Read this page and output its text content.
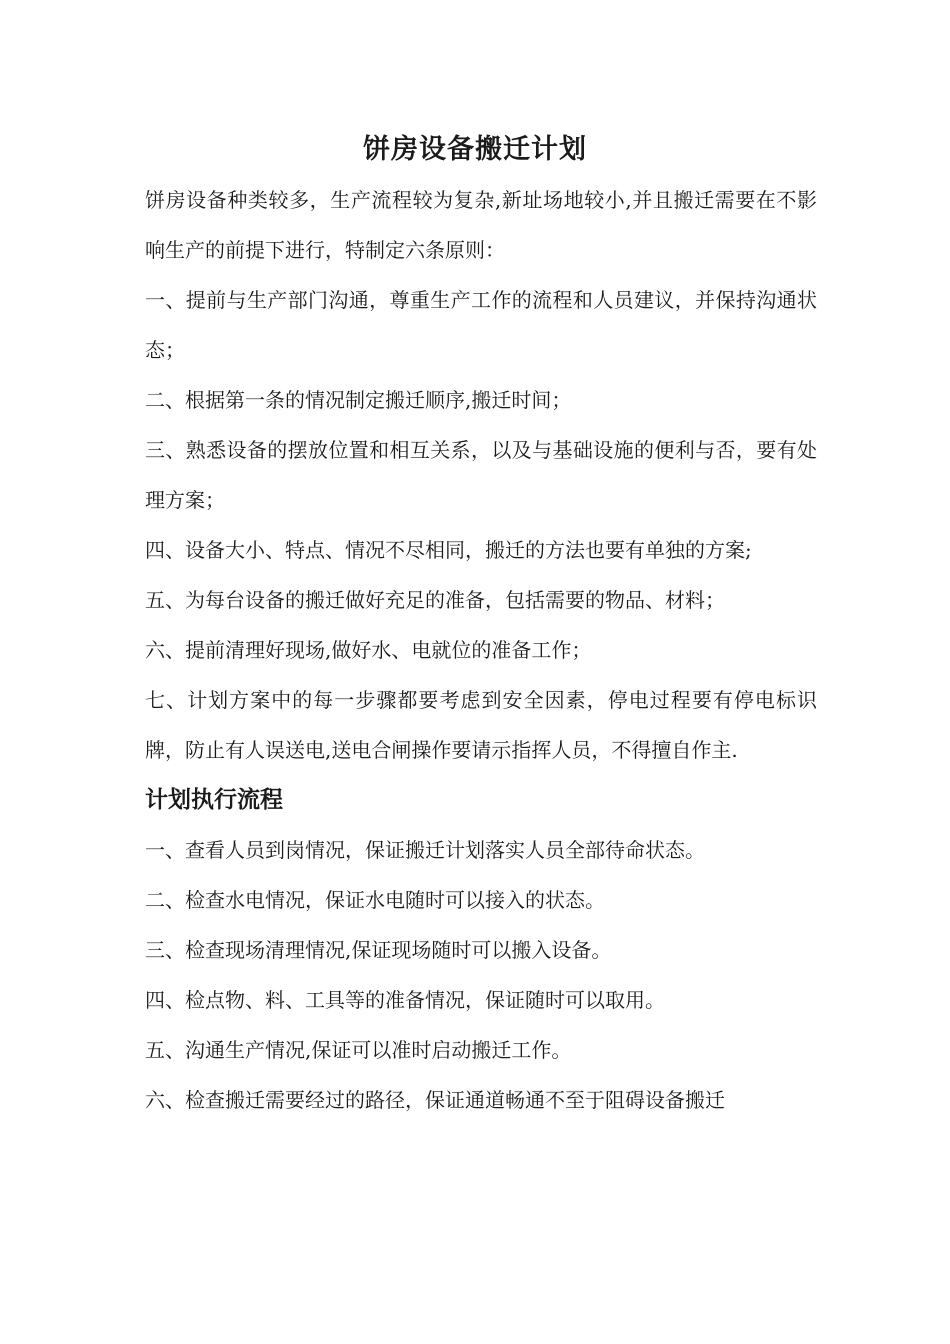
饼房设备搬迁计划

饼房设备种类较多，生产流程较为复杂,新址场地较小,并且搬迁需要在不影响生产的前提下进行，特制定六条原则：

一、提前与生产部门沟通，尊重生产工作的流程和人员建议，并保持沟通状态；

二、根据第一条的情况制定搬迁顺序,搬迁时间；

三、熟悉设备的摆放位置和相互关系，以及与基础设施的便利与否，要有处理方案；

四、设备大小、特点、情况不尽相同，搬迁的方法也要有单独的方案;

五、为每台设备的搬迁做好充足的准备，包括需要的物品、材料；

六、提前清理好现场,做好水、电就位的准备工作；

七、计划方案中的每一步骤都要考虑到安全因素，停电过程要有停电标识牌，防止有人误送电,送电合闸操作要请示指挥人员，不得擅自作主.

计划执行流程

一、查看人员到岗情况，保证搬迁计划落实人员全部待命状态。

二、检查水电情况，保证水电随时可以接入的状态。

三、检查现场清理情况,保证现场随时可以搬入设备。

四、检点物、料、工具等的准备情况，保证随时可以取用。

五、沟通生产情况,保证可以准时启动搬迁工作。

六、检查搬迁需要经过的路径，保证通道畅通不至于阻碍设备搬迁
